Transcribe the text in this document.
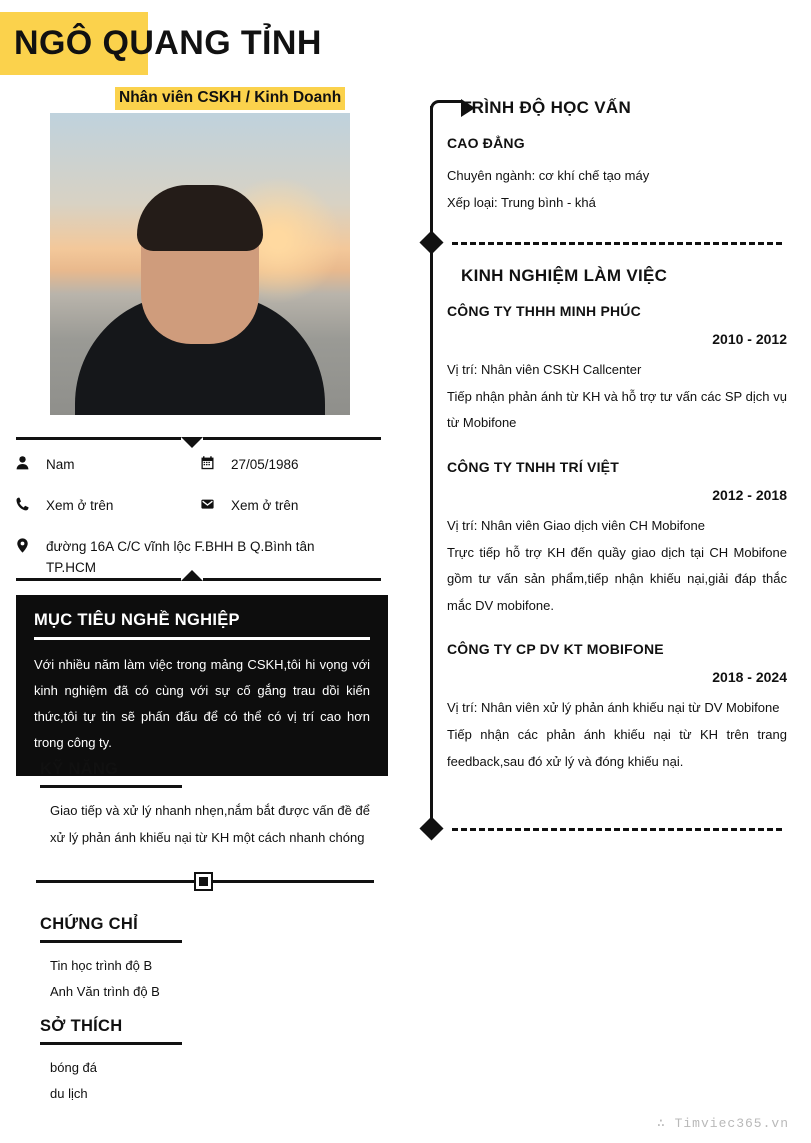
NGÔ QUANG TỈNH
Nhân viên CSKH / Kinh Doanh
Nam
Xem ở trên
27/05/1986
Xem ở trên
đường 16A C/C vĩnh lộc F.BHH B Q.Bình tân TP.HCM
MỤC TIÊU NGHỀ NGHIỆP
Với nhiều năm làm việc trong mảng CSKH,tôi hi vọng với kinh nghiệm đã có cùng với sự cố gắng trau dồi kiến thức,tôi tự tin sẽ phấn đấu để có thể có vị trí cao hơn trong công ty.
KỸ NĂNG

Giao tiếp và xử lý nhanh nhẹn,nắm bắt được vấn đề để xử lý phản ánh khiếu nại từ KH một cách nhanh chóng

CHỨNG CHỈ
Tin học trình độ B
Anh Văn trình độ B
SỞ THÍCH
bóng đá
du lịch
TRÌNH ĐỘ HỌC VẤN
CAO ĐẲNG
Chuyên ngành: cơ khí chế tạo máy
Xếp loại: Trung bình - khá
KINH NGHIỆM LÀM VIỆC
CÔNG TY THHH MINH PHÚC
2010 - 2012
Vị trí: Nhân viên CSKH Callcenter
Tiếp nhận phản ánh từ KH và hỗ trợ tư vấn các SP dịch vụ từ Mobifone
CÔNG TY TNHH TRÍ VIỆT
2012 - 2018
Vị trí: Nhân viên Giao dịch viên CH Mobifone
Trực tiếp hỗ trợ KH đến quầy giao dịch tại CH Mobifone gồm tư vấn sản phẩm,tiếp nhận khiếu nại,giải đáp thắc mắc DV mobifone.
CÔNG TY CP DV KT MOBIFONE
2018 - 2024
Vị trí: Nhân viên xử lý phản ánh khiếu nại từ DV Mobifone
Tiếp nhận các phản ánh khiếu nại từ KH trên trang feedback,sau đó xử lý và đóng khiếu nại.
∴ Timviec365.vn
